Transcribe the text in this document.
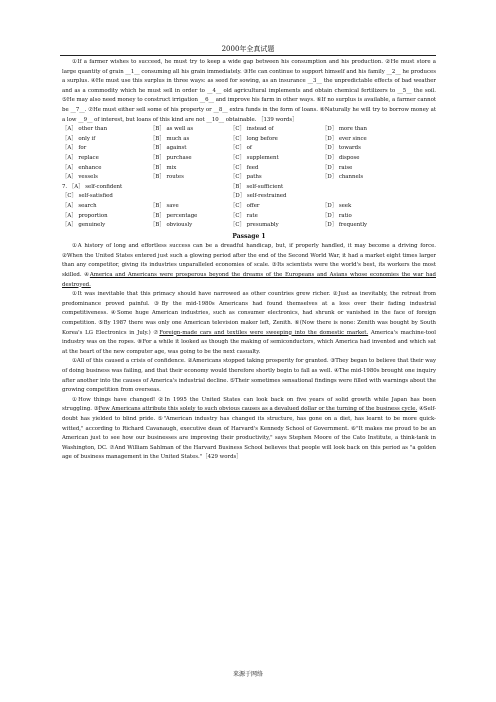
2000年全真试题

①If a farmer wishes to succeed, he must try to keep a wide gap between his consumption and his production. ②He must store a large quantity of grain __1__ consuming all his grain immediately. ③He can continue to support himself and his family __2__ he produces a surplus. ④He must use this surplus in three ways: as seed for sowing, as an insurance __3__ the unpredictable effects of bad weather and as a commodity which he must sell in order to __4__ old agricultural implements and obtain chemical fertilizers to __5__ the soil. ⑤He may also need money to construct irrigation __6__ and improve his farm in other ways. ⑥If no surplus is available, a farmer cannot be __7__. ⑦He must either sell some of his property or __8__ extra funds in the form of loans. ⑧Naturally he will try to borrow money at a low __9__ of interest, but loans of this kind are not __10__ obtainable. ［139 words］

［A］ other than	［B］ as well as	［C］ instead of	［D］ more than
［A］ only if	［B］ much as	［C］ long before	［D］ ever since
［A］ for	［B］ against	［C］ of	［D］ towards
［A］ replace	［B］ purchase	［C］ supplement	［D］ dispose
［A］ enhance	［B］ mix	［C］ feed	［D］ raise
［A］ vessels	［B］ routes	［C］ paths	［D］ channels
7. ［A］ self-confident	［B］ self-sufficient
［C］ self-satisfied	［D］ self-restrained
［A］ search	［B］ save	［C］ offer	［D］ seek
［A］ proportion	［B］ percentage	［C］ rate	［D］ ratio
［A］ genuinely	［B］ obviously	［C］ presumably	［D］ frequently
Passage 1

①A history of long and effortless success can be a dreadful handicap, but, if properly handled, it may become a driving force. ②When the United States entered just such a glowing period after the end of the Second World War, it had a market eight times larger than any competitor, giving its industries unparalleled economies of scale. ③Its scientists were the world's best, its workers the most skilled. ④America and Americans were prosperous beyond the dreams of the Europeans and Asians whose economies the war had destroyed.

①It was inevitable that this primacy should have narrowed as other countries grew richer. ②Just as inevitably, the retreat from predominance proved painful. ③By the mid-1980s Americans had found themselves at a loss over their fading industrial competitiveness. ④Some huge American industries, such as consumer electronics, had shrunk or vanished in the face of foreign competition. ⑤By 1987 there was only one American television maker left, Zenith. ⑥(Now there is none: Zenith was bought by South Korea's LG Electronics in July.) ⑦Foreign-made cars and textiles were sweeping into the domestic market. America's machine-tool industry was on the ropes. ⑧For a while it looked as though the making of semiconductors, which America had invented and which sat at the heart of the new computer age, was going to be the next casualty.

①All of this caused a crisis of confidence. ②Americans stopped taking prosperity for granted. ③They began to believe that their way of doing business was failing, and that their economy would therefore shortly begin to fall as well. ④The mid-1980s brought one inquiry after another into the causes of America's industrial decline. ⑤Their sometimes sensational findings were filled with warnings about the growing competition from overseas.

①How things have changed! ②In 1995 the United States can look back on five years of solid growth while Japan has been struggling. ③Few Americans attribute this solely to such obvious causes as a devalued dollar or the turning of the business cycle. ④Self-doubt has yielded to blind pride. ⑤"American industry has changed its structure, has gone on a diet, has learnt to be more quick-witted," according to Richard Cavanaugh, executive dean of Harvard's Kennedy School of Government. ⑥"It makes me proud to be an American just to see how our businesses are improving their productivity," says Stephen Moore of the Cato Institute, a think-tank in Washington, DC. ⑦And William Sahlman of the Harvard Business School believes that people will look back on this period as "a golden age of business management in the United States."［429 words］

来源于网络
